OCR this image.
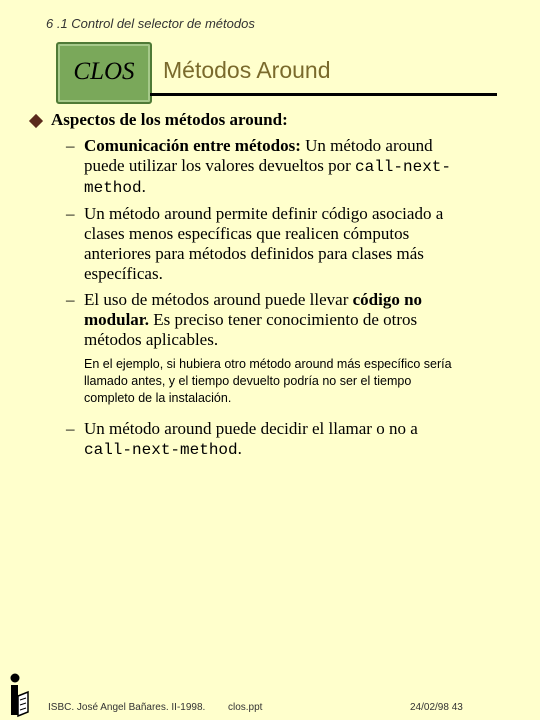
6 .1 Control del selector de métodos
CLOS	Métodos Around
Aspectos de los métodos around:
– Comunicación entre métodos: Un método around puede utilizar los valores devueltos por call-next-method.
– Un método around permite definir código asociado a clases menos específicas que realicen cómputos anteriores para métodos definidos para clases más específicas.
– El uso de métodos around puede llevar código no modular. Es preciso tener conocimiento de otros métodos aplicables.
En el ejemplo, si hubiera otro método around más específico sería llamado antes, y el tiempo devuelto podría no ser el tiempo completo de la instalación.
– Un método around puede decidir el llamar o no a call-next-method.
ISBC. José Angel Bañares. II-1998. clos.ppt	24/02/98 43
